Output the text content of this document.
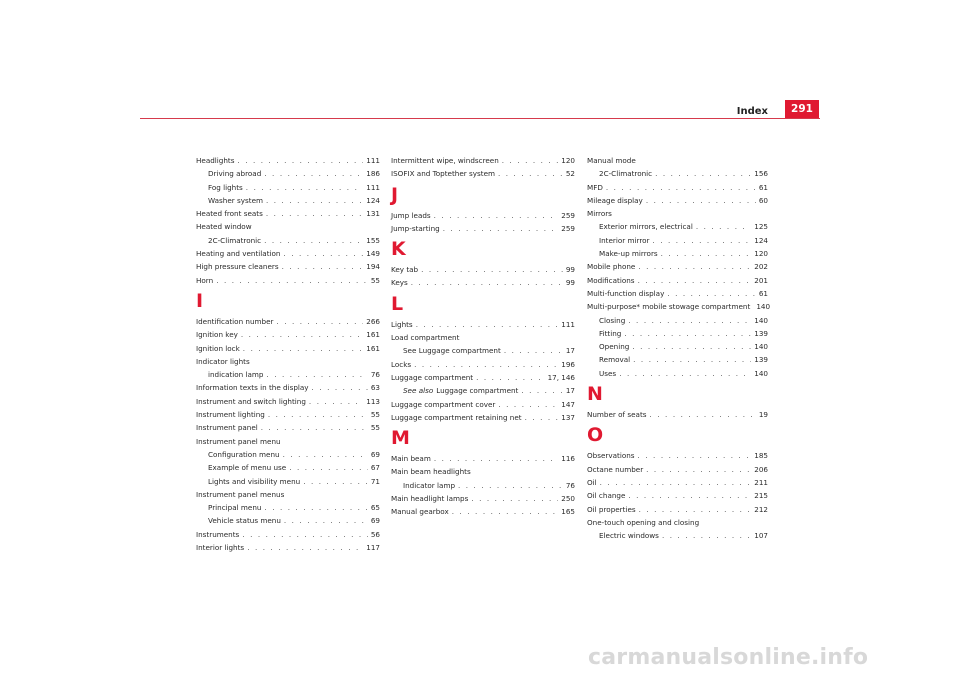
Index	291
Headlights . . .	111
Driving abroad . . .	186
Fog lights . . .	111
Washer system . . .	124
Heated front seats . . .	131
Heated window
2C-Climatronic . . .	155
Heating and ventilation . . .	149
High pressure cleaners . . .	194
Horn . . .	55
I
Identification number . . .	266
Ignition key . . .	161
Ignition lock . . .	161
Indicator lights
indication lamp . . .	76
Information texts in the display . . .	63
Instrument and switch lighting . . .	113
Instrument lighting . . .	55
Instrument panel . . .	55
Instrument panel menu
Configuration menu . . .	69
Example of menu use . . .	67
Lights and visibility menu . . .	71
Instrument panel menus
Principal menu . . .	65
Vehicle status menu . . .	69
Instruments . . .	56
Interior lights . . .	117
Intermittent wipe, windscreen . . .	120
ISOFIX and Toptether system . . .	52
J
Jump leads . . .	259
Jump-starting . . .	259
K
Key tab . . .	99
Keys . . .	99
L
Lights . . .	111
Load compartment
See Luggage compartment . . .	17
Locks . . .	196
Luggage compartment . . .	17, 146
See also Luggage compartment . . .	17
Luggage compartment cover . . .	147
Luggage compartment retaining net . . .	137
M
Main beam . . .	116
Main beam headlights
Indicator lamp . . .	76
Main headlight lamps . . .	250
Manual gearbox . . .	165
Manual mode
2C-Climatronic . . .	156
MFD . . .	61
Mileage display . . .	60
Mirrors
Exterior mirrors, electrical . . .	125
Interior mirror . . .	124
Make-up mirrors . . .	120
Mobile phone . . .	202
Modifications . . .	201
Multi-function display . . .	61
Multi-purpose* mobile stowage compartment 140
Closing . . .	140
Fitting . . .	139
Opening . . .	140
Removal . . .	139
Uses . . .	140
N
Number of seats . . .	19
O
Observations . . .	185
Octane number . . .	206
Oil . . .	211
Oil change . . .	215
Oil properties . . .	212
One-touch opening and closing
Electric windows . . .	107
carmanualsonline.info
